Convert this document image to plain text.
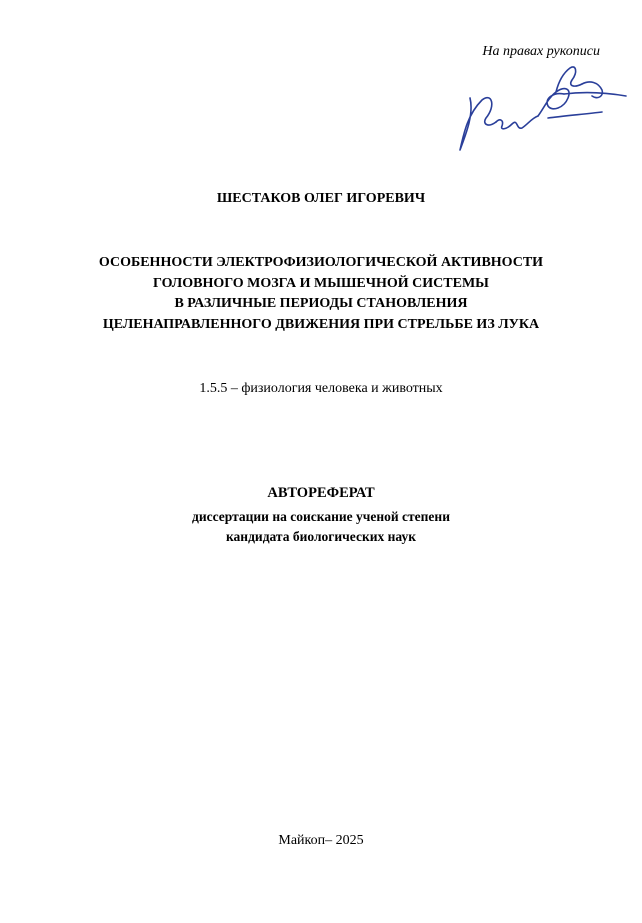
На правах рукописи
ШЕСТАКОВ ОЛЕГ ИГОРЕВИЧ
ОСОБЕННОСТИ ЭЛЕКТРОФИЗИОЛОГИЧЕСКОЙ АКТИВНОСТИ
ГОЛОВНОГО МОЗГА И МЫШЕЧНОЙ СИСТЕМЫ
В РАЗЛИЧНЫЕ ПЕРИОДЫ СТАНОВЛЕНИЯ
ЦЕЛЕНАПРАВЛЕННОГО ДВИЖЕНИЯ ПРИ СТРЕЛЬБЕ ИЗ ЛУКА
1.5.5 – физиология человека и животных
АВТОРЕФЕРАТ
диссертации на соискание ученой степени
кандидата биологических наук
Майкоп– 2025
